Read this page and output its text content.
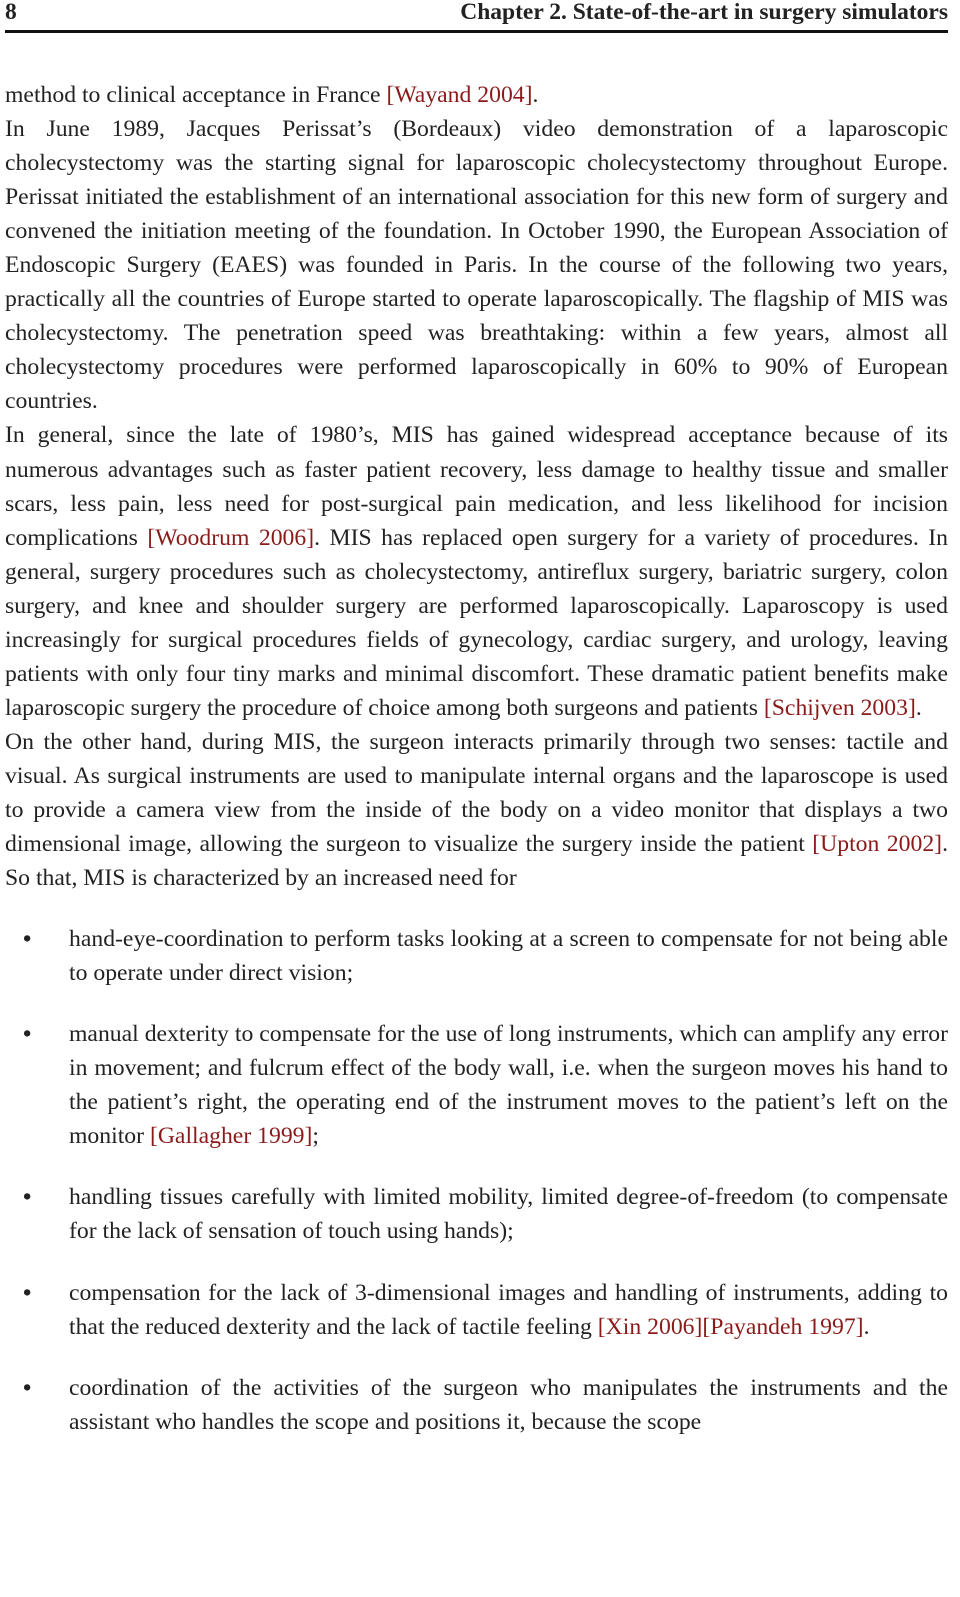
8	Chapter 2. State-of-the-art in surgery simulators

method to clinical acceptance in France [Wayand 2004].

In June 1989, Jacques Perissat’s (Bordeaux) video demonstration of a laparoscopic cholecystectomy was the starting signal for laparoscopic cholecystectomy throughout Europe. Perissat initiated the establishment of an international association for this new form of surgery and convened the initiation meeting of the foundation. In October 1990, the European Association of Endoscopic Surgery (EAES) was founded in Paris. In the course of the following two years, practically all the countries of Europe started to operate laparoscopically. The flagship of MIS was cholecystectomy. The penetration speed was breathtaking: within a few years, almost all cholecystectomy procedures were performed laparoscopically in 60% to 90% of European countries.

In general, since the late of 1980’s, MIS has gained widespread acceptance because of its numerous advantages such as faster patient recovery, less damage to healthy tissue and smaller scars, less pain, less need for post-surgical pain medication, and less likelihood for incision complications [Woodrum 2006]. MIS has replaced open surgery for a variety of procedures. In general, surgery procedures such as cholecystectomy, antireflux surgery, bariatric surgery, colon surgery, and knee and shoulder surgery are performed laparoscopically. Laparoscopy is used increasingly for surgical procedures fields of gynecology, cardiac surgery, and urology, leaving patients with only four tiny marks and minimal discomfort. These dramatic patient benefits make laparoscopic surgery the procedure of choice among both surgeons and patients [Schijven 2003].

On the other hand, during MIS, the surgeon interacts primarily through two senses: tactile and visual. As surgical instruments are used to manipulate internal organs and the laparoscope is used to provide a camera view from the inside of the body on a video monitor that displays a two dimensional image, allowing the surgeon to visualize the surgery inside the patient [Upton 2002]. So that, MIS is characterized by an increased need for

• hand-eye-coordination to perform tasks looking at a screen to compensate for not being able to operate under direct vision;
• manual dexterity to compensate for the use of long instruments, which can amplify any error in movement; and fulcrum effect of the body wall, i.e. when the surgeon moves his hand to the patient’s right, the operating end of the instrument moves to the patient’s left on the monitor [Gallagher 1999];
• handling tissues carefully with limited mobility, limited degree-of-freedom (to compensate for the lack of sensation of touch using hands);
• compensation for the lack of 3-dimensional images and handling of instruments, adding to that the reduced dexterity and the lack of tactile feeling [Xin 2006][Payandeh 1997].
• coordination of the activities of the surgeon who manipulates the instruments and the assistant who handles the scope and positions it, because the scope
